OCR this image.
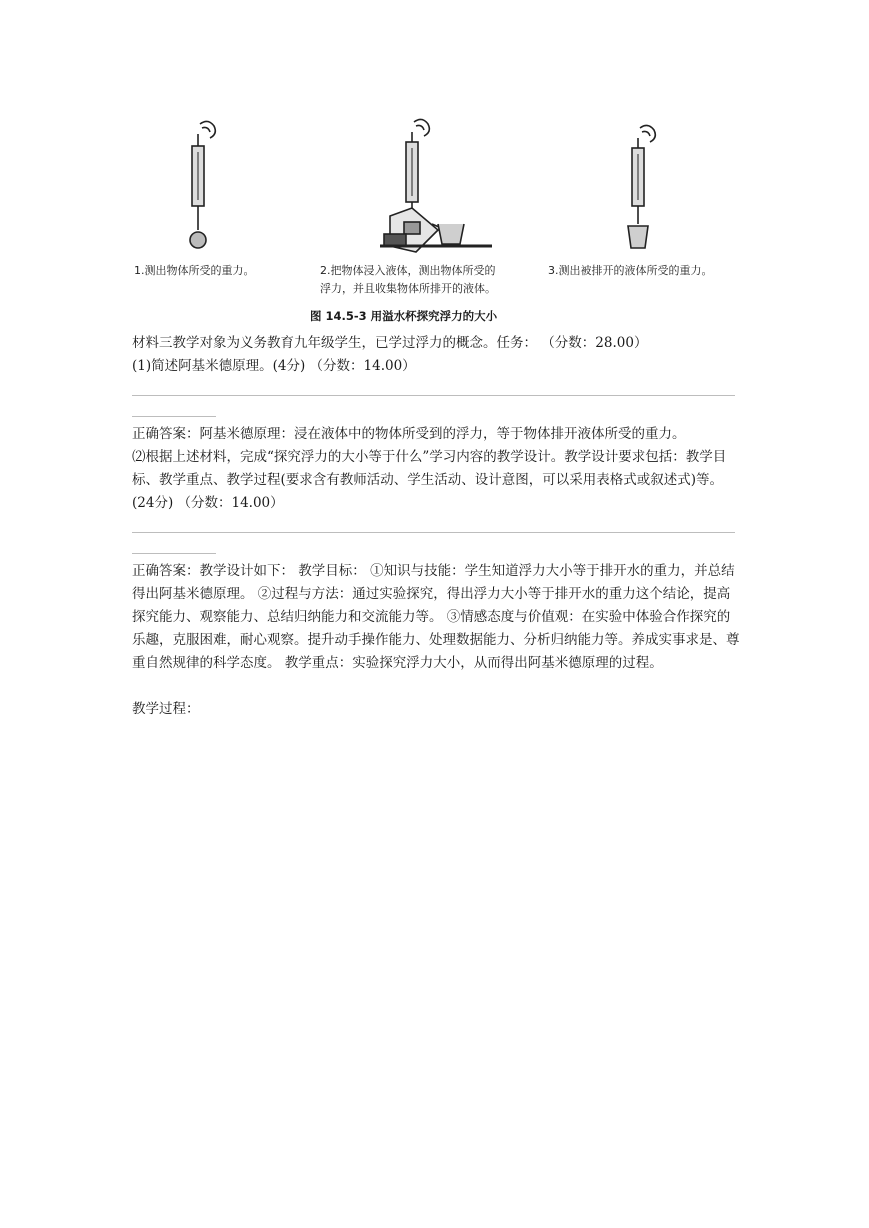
1.测出物体所受的重力。	2.把物体浸入液体，测出物体所受的
浮力，并且收集物体所排开的液体。
3.测出被排开的液体所受的重力。
图 14.5-3 用溢水杯探究浮力的大小
材料三教学对象为义务教育九年级学生，已学过浮力的概念。任务： （分数：28.00）
(1)简述阿基米德原理。(4分) （分数：14.00）
正确答案：阿基米德原理：浸在液体中的物体所受到的浮力，等于物体排开液体所受的重力。
⑵根据上述材料，完成“探究浮力的大小等于什么”学习内容的教学设计。教学设计要求包括：教学目标、教学重点、教学过程(要求含有教师活动、学生活动、设计意图，可以采用表格式或叙述式)等。(24分) （分数：14.00）
正确答案：教学设计如下： 教学目标： ①知识与技能：学生知道浮力大小等于排开水的重力，并总结得出阿基米德原理。 ②过程与方法：通过实验探究，得出浮力大小等于排开水的重力这个结论，提高探究能力、观察能力、总结归纳能力和交流能力等。 ③情感态度与价值观：在实验中体验合作探究的乐趣，克服困难，耐心观察。提升动手操作能力、处理数据能力、分析归纳能力等。养成实事求是、尊重自然规律的科学态度。 教学重点：实验探究浮力大小，从而得出阿基米德原理的过程。
教学过程：
